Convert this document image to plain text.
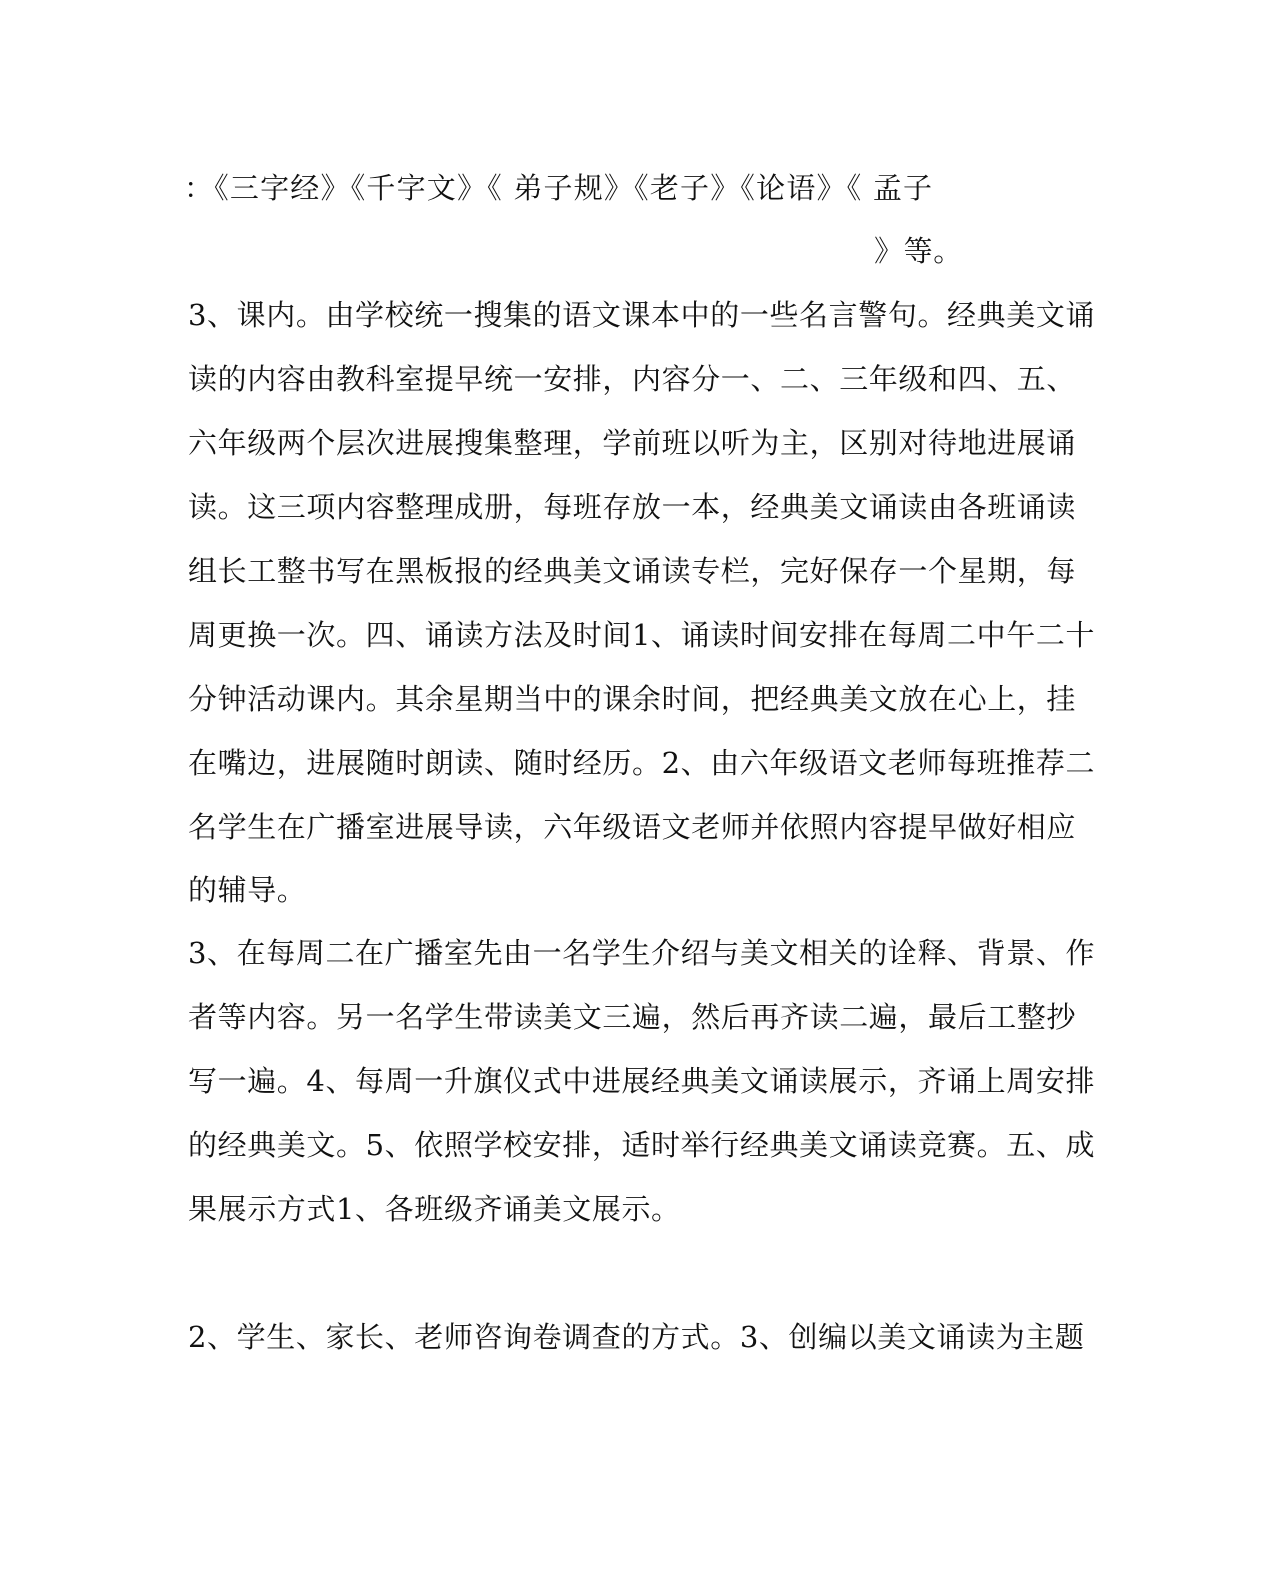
：《三字经》《千字文》《 弟子规》《老子》《论语》《 孟子
》等。
3、课内。由学校统一搜集的语文课本中的一些名言警句。经典美文诵
读的内容由教科室提早统一安排，内容分一、二、三年级和四、五、
六年级两个层次进展搜集整理，学前班以听为主，区别对待地进展诵
读。这三项内容整理成册，每班存放一本，经典美文诵读由各班诵读
组长工整书写在黑板报的经典美文诵读专栏，完好保存一个星期，每
周更换一次。四、诵读方法及时间1、诵读时间安排在每周二中午二十
分钟活动课内。其余星期当中的课余时间，把经典美文放在心上，挂
在嘴边，进展随时朗读、随时经历。2、由六年级语文老师每班推荐二
名学生在广播室进展导读，六年级语文老师并依照内容提早做好相应
的辅导。
3、在每周二在广播室先由一名学生介绍与美文相关的诠释、背景、作
者等内容。另一名学生带读美文三遍，然后再齐读二遍，最后工整抄
写一遍。4、每周一升旗仪式中进展经典美文诵读展示，齐诵上周安排
的经典美文。5、依照学校安排，适时举行经典美文诵读竞赛。五、成
果展示方式1、各班级齐诵美文展示。
2、学生、家长、老师咨询卷调查的方式。3、创编以美文诵读为主题
